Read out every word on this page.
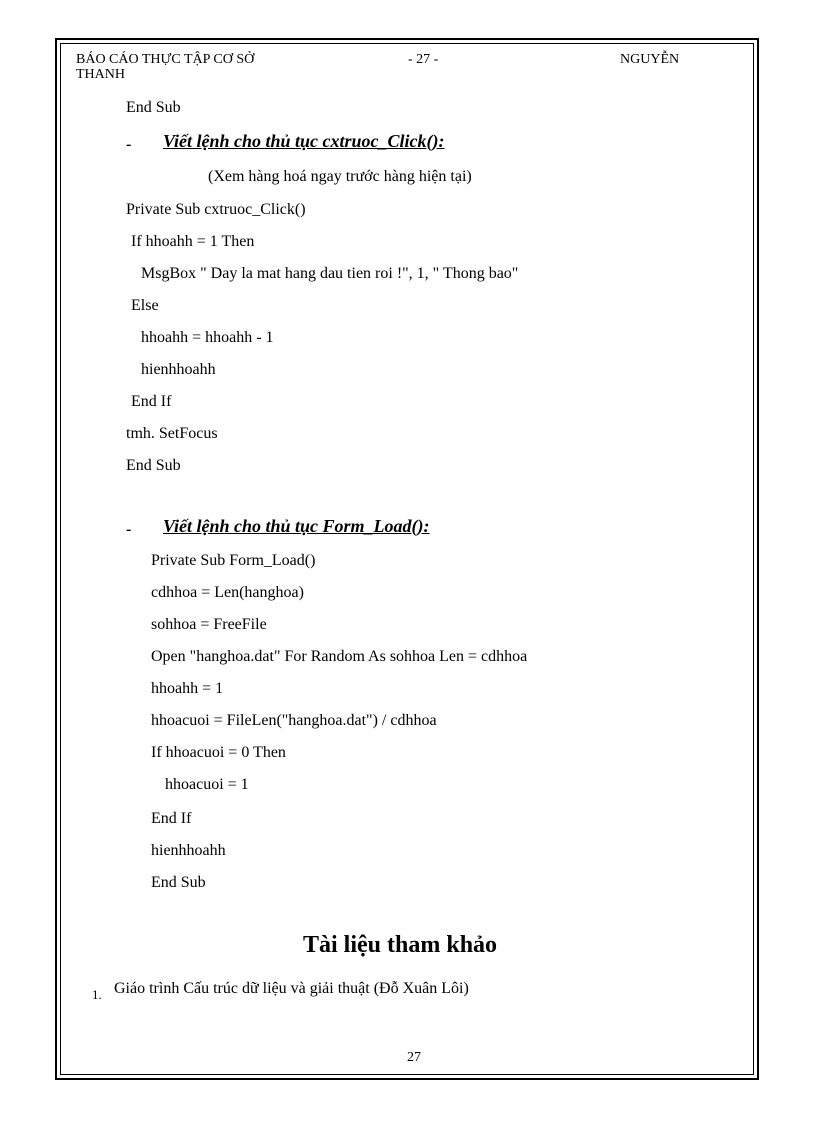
BÁO CÁO THỰC TẬP CƠ SỞ
THANH
- 27 -	NGUYỄN
End Sub
- Viết lệnh cho thủ tục cxtruoc_Click():
(Xem hàng hoá ngay trước hàng hiện tại)
Private Sub cxtruoc_Click()
If hhoahh = 1 Then
MsgBox " Day la mat hang dau tien roi !", 1, " Thong bao"
Else
hhoahh = hhoahh - 1
hienhhoahh
End If
tmh. SetFocus
End Sub
- Viết lệnh cho thủ tục Form_Load():
Private Sub Form_Load()
cdhhoa = Len(hanghoa)
sohhoa = FreeFile
Open "hanghoa.dat" For Random As sohhoa Len = cdhhoa
hhoahh = 1
hhoacuoi = FileLen("hanghoa.dat") / cdhhoa
If hhoacuoi = 0 Then
hhoacuoi = 1
End If
hienhhoahh
End Sub
Tài liệu tham khảo
1. Giáo trình Cấu trúc dữ liệu và giải thuật (Đỗ Xuân Lôi)
27
